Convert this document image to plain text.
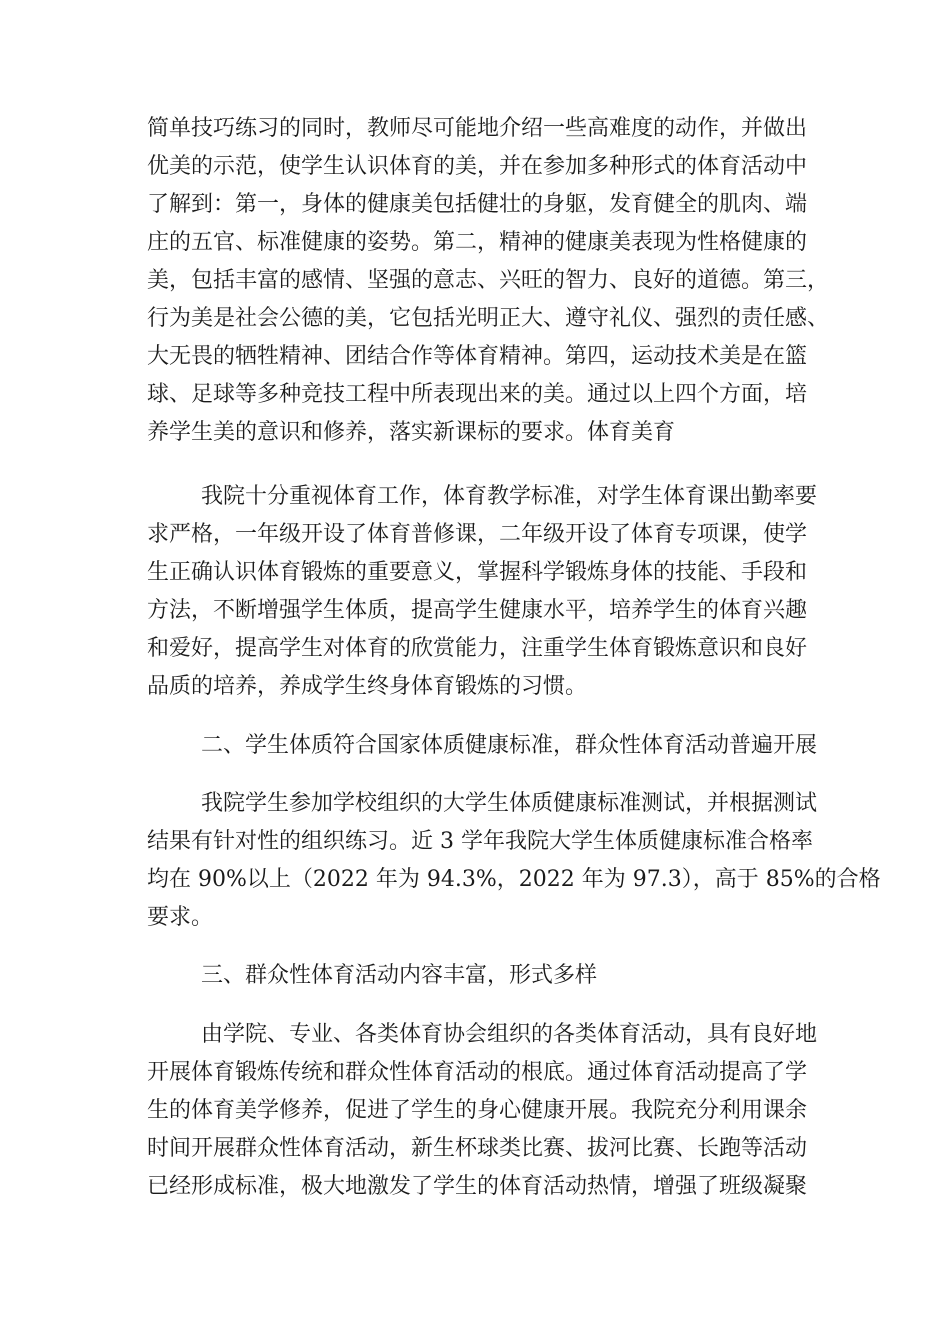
简单技巧练习的同时，教师尽可能地介绍一些高难度的动作，并做出
优美的示范，使学生认识体育的美，并在参加多种形式的体育活动中
了解到：第一，身体的健康美包括健壮的身躯，发育健全的肌肉、端
庄的五官、标准健康的姿势。第二，精神的健康美表现为性格健康的
美，包括丰富的感情、坚强的意志、兴旺的智力、良好的道德。第三，
行为美是社会公德的美，它包括光明正大、遵守礼仪、强烈的责任感、
大无畏的牺牲精神、团结合作等体育精神。第四，运动技术美是在篮
球、足球等多种竞技工程中所表现出来的美。通过以上四个方面，培
养学生美的意识和修养，落实新课标的要求。体育美育
我院十分重视体育工作，体育教学标准，对学生体育课出勤率要
求严格，一年级开设了体育普修课，二年级开设了体育专项课，使学
生正确认识体育锻炼的重要意义，掌握科学锻炼身体的技能、手段和
方法，不断增强学生体质，提高学生健康水平，培养学生的体育兴趣
和爱好，提高学生对体育的欣赏能力，注重学生体育锻炼意识和良好
品质的培养，养成学生终身体育锻炼的习惯。
二、学生体质符合国家体质健康标准，群众性体育活动普遍开展
我院学生参加学校组织的大学生体质健康标准测试，并根据测试
结果有针对性的组织练习。近 3 学年我院大学生体质健康标准合格率
均在 90%以上（2022 年为 94.3%，2022 年为 97.3），高于 85%的合格
要求。
三、群众性体育活动内容丰富，形式多样
由学院、专业、各类体育协会组织的各类体育活动，具有良好地
开展体育锻炼传统和群众性体育活动的根底。通过体育活动提高了学
生的体育美学修养，促进了学生的身心健康开展。我院充分利用课余
时间开展群众性体育活动，新生杯球类比赛、拔河比赛、长跑等活动
已经形成标准，极大地激发了学生的体育活动热情，增强了班级凝聚
